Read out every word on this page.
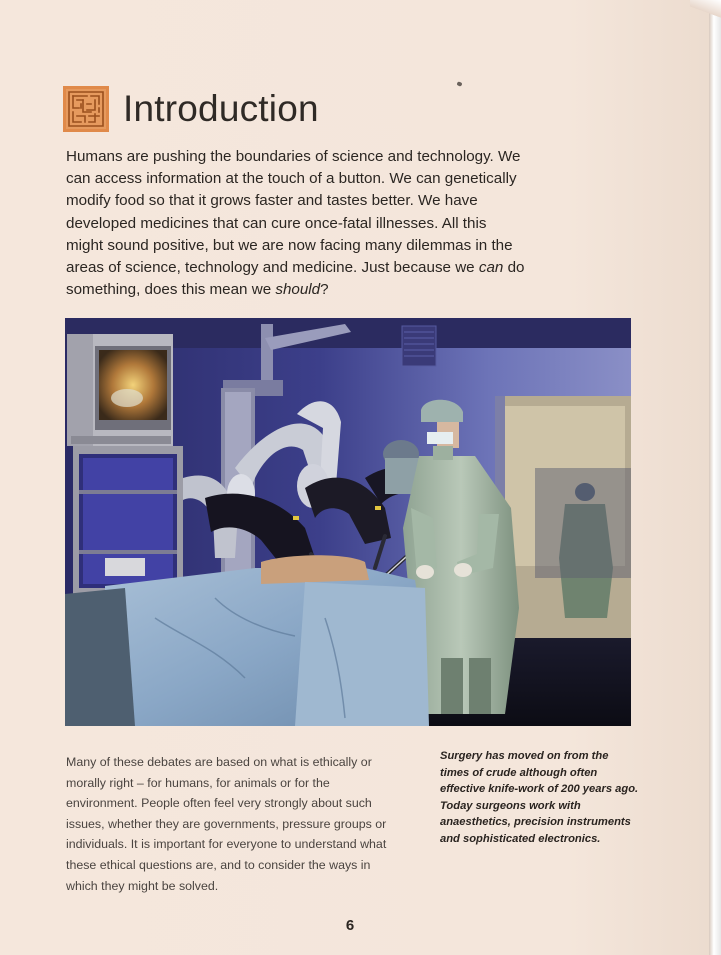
Introduction

Humans are pushing the boundaries of science and technology. We can access information at the touch of a button. We can genetically modify food so that it grows faster and tastes better. We have developed medicines that can cure once-fatal illnesses. All this might sound positive, but we are now facing many dilemmas in the areas of science, technology and medicine. Just because we can do something, does this mean we should?

Many of these debates are based on what is ethically or morally right – for humans, for animals or for the environment. People often feel very strongly about such issues, whether they are governments, pressure groups or individuals. It is important for everyone to understand what these ethical questions are, and to consider the ways in which they might be solved.

Surgery has moved on from the times of crude although often effective knife-work of 200 years ago. Today surgeons work with anaesthetics, precision instruments and sophisticated electronics.

6
